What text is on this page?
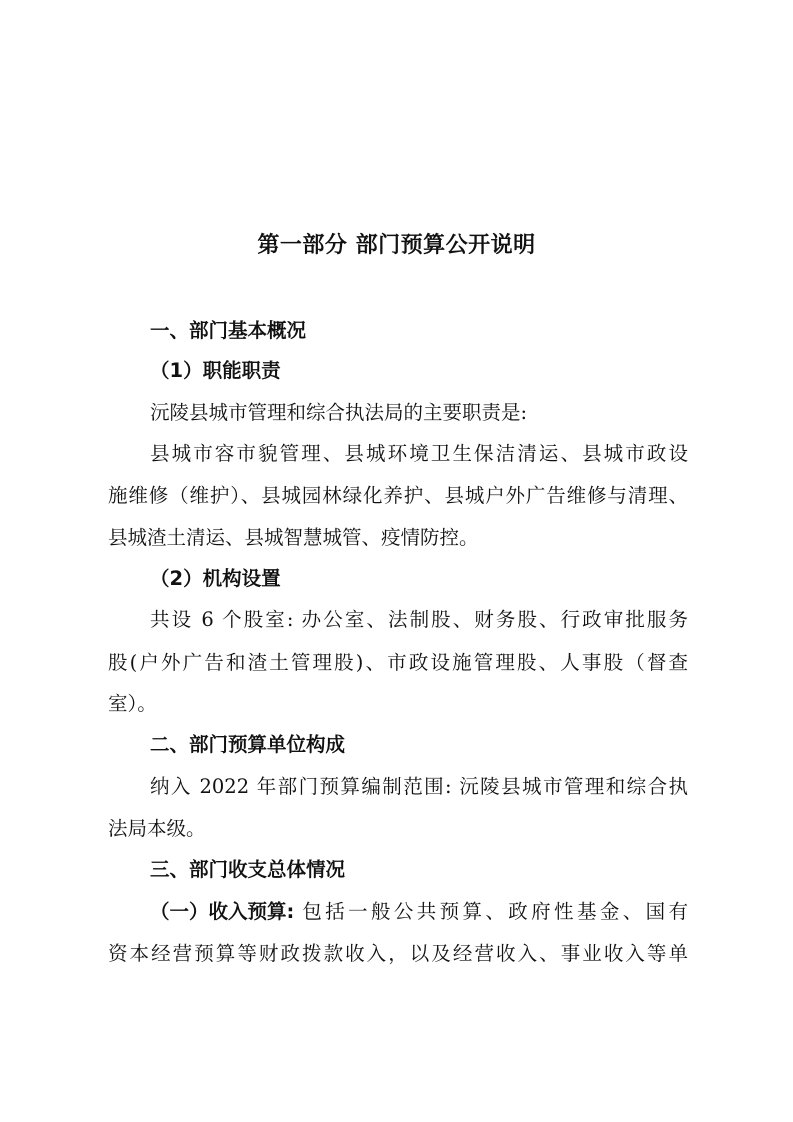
第一部分 部门预算公开说明
一、部门基本概况
（1）职能职责
沅陵县城市管理和综合执法局的主要职责是:
县城市容市貌管理、县城环境卫生保洁清运、县城市政设
施维修（维护）、县城园林绿化养护、县城户外广告维修与清理、
县城渣土清运、县城智慧城管、疫情防控。
（2）机构设置
共设 6 个股室: 办公室、法制股、财务股、行政审批服务
股(户外广告和渣土管理股)、市政设施管理股、人事股（督查
室）。
二、部门预算单位构成
纳入 2022 年部门预算编制范围: 沅陵县城市管理和综合执
法局本级。
三、部门收支总体情况
（一）收入预算: 包括一般公共预算、政府性基金、国有
资本经营预算等财政拨款收入，以及经营收入、事业收入等单
